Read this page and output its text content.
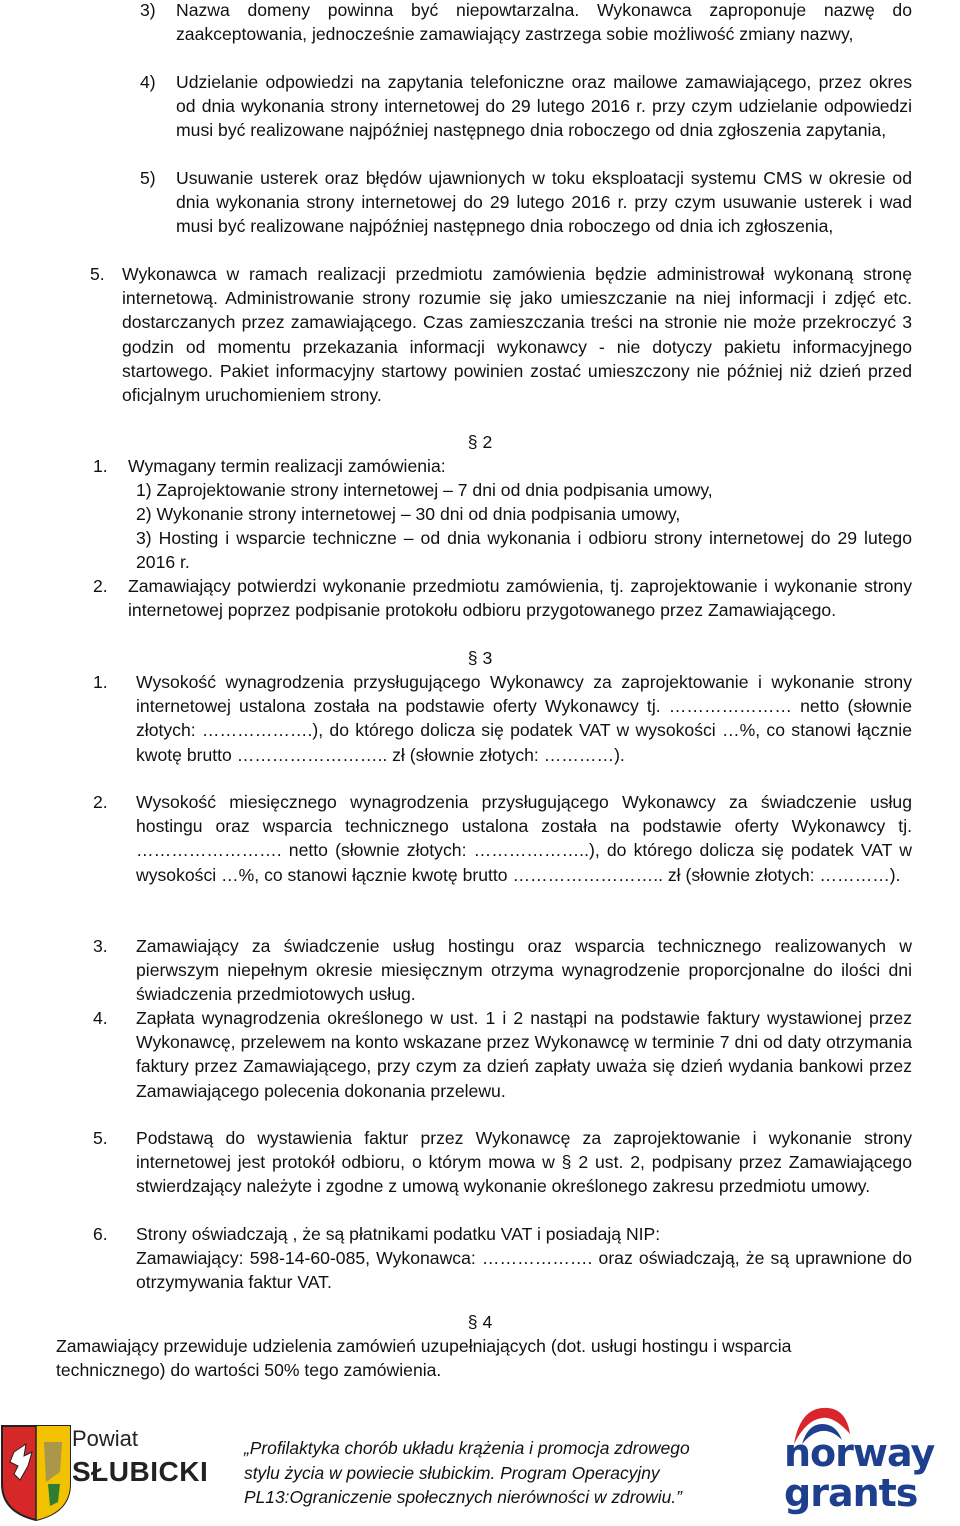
3) Nazwa domeny powinna być niepowtarzalna. Wykonawca zaproponuje nazwę do zaakceptowania, jednocześnie zamawiający zastrzega sobie możliwość zmiany nazwy,
4) Udzielanie odpowiedzi na zapytania telefoniczne oraz mailowe zamawiającego, przez okres od dnia wykonania strony internetowej do 29 lutego 2016 r. przy czym udzielanie odpowiedzi musi być realizowane najpóźniej następnego dnia roboczego od dnia zgłoszenia zapytania,
5) Usuwanie usterek oraz błędów ujawnionych w toku eksploatacji systemu CMS w okresie od dnia wykonania strony internetowej do 29 lutego 2016 r. przy czym usuwanie usterek i wad musi być realizowane najpóźniej następnego dnia roboczego od dnia ich zgłoszenia,
5. Wykonawca w ramach realizacji przedmiotu zamówienia będzie administrował wykonaną stronę internetową. Administrowanie strony rozumie się jako umieszczanie na niej informacji i zdjęć etc. dostarczanych przez zamawiającego. Czas zamieszczania treści na stronie nie może przekroczyć 3 godzin od momentu przekazania informacji wykonawcy - nie dotyczy pakietu informacyjnego startowego. Pakiet informacyjny startowy powinien zostać umieszczony nie później niż dzień przed oficjalnym uruchomieniem strony.
§ 2
1. Wymagany termin realizacji zamówienia:
1) Zaprojektowanie strony internetowej – 7 dni od dnia podpisania umowy,
2) Wykonanie strony internetowej – 30 dni od dnia podpisania umowy,
3) Hosting i wsparcie techniczne – od dnia wykonania i odbioru strony internetowej do 29 lutego 2016 r.
2. Zamawiający potwierdzi wykonanie przedmiotu zamówienia, tj. zaprojektowanie i wykonanie strony internetowej poprzez podpisanie protokołu odbioru przygotowanego przez Zamawiającego.
§ 3
1. Wysokość wynagrodzenia przysługującego Wykonawcy za zaprojektowanie i wykonanie strony internetowej ustalona została na podstawie oferty Wykonawcy tj. ………………… netto (słownie złotych: ……………….), do którego dolicza się podatek VAT w wysokości …%, co stanowi łącznie kwotę brutto …………………….. zł (słownie złotych: …………).
2. Wysokość miesięcznego wynagrodzenia przysługującego Wykonawcy za świadczenie usług hostingu oraz wsparcia technicznego ustalona została na podstawie oferty Wykonawcy tj. ……………………. netto (słownie złotych: ………………..), do którego dolicza się podatek VAT w wysokości …%, co stanowi łącznie kwotę brutto …………………….. zł (słownie złotych: …………).
3. Zamawiający za świadczenie usług hostingu oraz wsparcia technicznego realizowanych w pierwszym niepełnym okresie miesięcznym otrzyma wynagrodzenie proporcjonalne do ilości dni świadczenia przedmiotowych usług.
4. Zapłata wynagrodzenia określonego w ust. 1 i 2 nastąpi na podstawie faktury wystawionej przez Wykonawcę, przelewem na konto wskazane przez Wykonawcę w terminie 7 dni od daty otrzymania faktury przez Zamawiającego, przy czym za dzień zapłaty uważa się dzień wydania bankowi przez Zamawiającego polecenia dokonania przelewu.
5. Podstawą do wystawienia faktur przez Wykonawcę za zaprojektowanie i wykonanie strony internetowej jest protokół odbioru, o którym mowa w § 2 ust. 2, podpisany przez Zamawiającego stwierdzający należyte i zgodne z umową wykonanie określonego zakresu przedmiotu umowy.
6. Strony oświadczają , że są płatnikami podatku VAT i posiadają NIP:
Zamawiający: 598-14-60-085, Wykonawca: ………………. oraz oświadczają, że są uprawnione do otrzymywania faktur VAT.
§ 4
Zamawiający przewiduje udzielenia zamówień uzupełniających (dot. usługi hostingu i wsparcia technicznego) do wartości 50% tego zamówienia.
Powiat
SŁUBICKI
„Profilaktyka chorób układu krążenia i promocja zdrowego
stylu życia w powiecie słubickim. Program Operacyjny
PL13:Ograniczenie społecznych nierówności w zdrowiu.”
norway
grants
